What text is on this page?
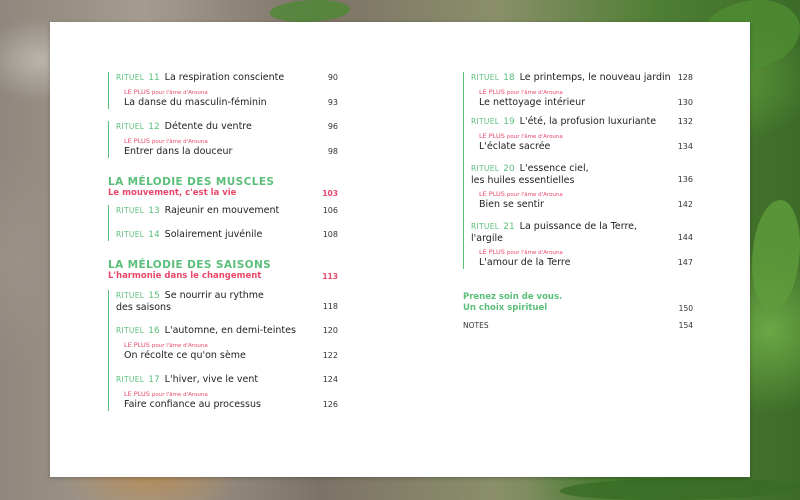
RITUEL 11 La respiration consciente	90
LE PLUS pour l'âme d'Arouna
La danse du masculin-féminin	93
RITUEL 12 Détente du ventre	96
LE PLUS pour l'âme d'Arouna
Entrer dans la douceur	98
LA MÉLODIE DES MUSCLES
Le mouvement, c'est la vie	103
RITUEL 13 Rajeunir en mouvement	106
RITUEL 14 Solairement juvénile	108
LA MÉLODIE DES SAISONS
L'harmonie dans le changement	113
RITUEL 15 Se nourrir au rythme
des saisons	118
RITUEL 16 L'automne, en demi-teintes	120
LE PLUS pour l'âme d'Arouna
On récolte ce qu'on sème	122
RITUEL 17 L'hiver, vive le vent	124
LE PLUS pour l'âme d'Arouna
Faire confiance au processus	126
RITUEL 18 Le printemps, le nouveau jardin 128
LE PLUS pour l'âme d'Arouna
Le nettoyage intérieur	130
RITUEL 19 L'été, la profusion luxuriante	132
LE PLUS pour l'âme d'Arouna
L'éclate sacrée	134
RITUEL 20 L'essence ciel,
les huiles essentielles	136
LE PLUS pour l'âme d'Arouna
Bien se sentir	142
RITUEL 21 La puissance de la Terre,
l'argile	144
LE PLUS pour l'âme d'Arouna
L'amour de la Terre	147
Prenez soin de vous.
Un choix spirituel	150
NOTES	154
